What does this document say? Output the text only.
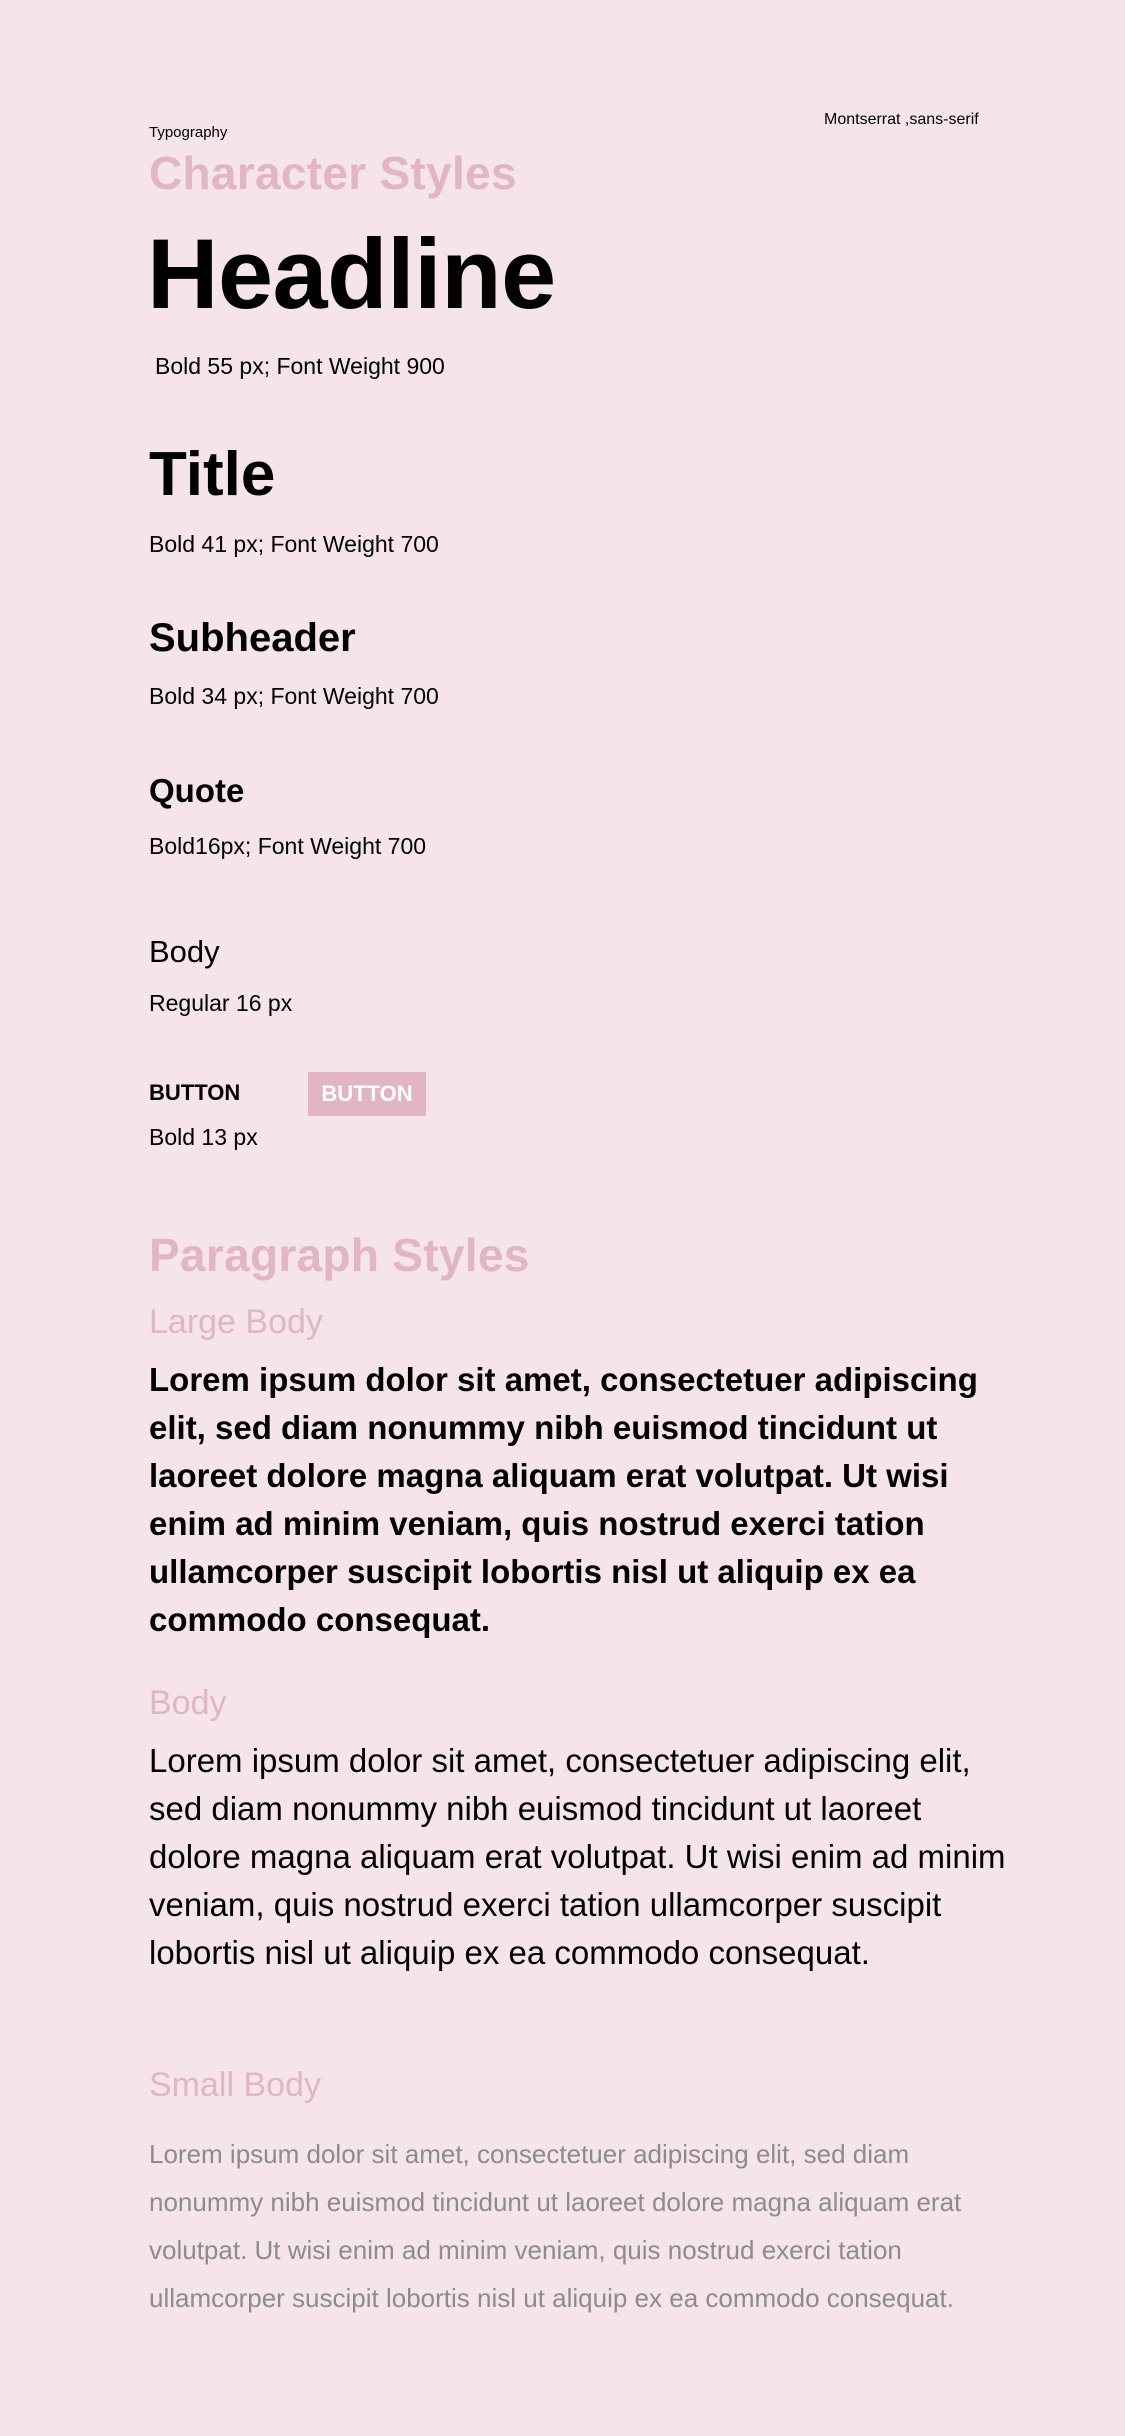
Typography
Montserrat ,sans-serif
Character Styles
Headline
Bold 55 px; Font Weight 900
Title
Bold 41 px; Font Weight 700
Subheader
Bold 34 px; Font Weight 700
Quote
Bold16px; Font Weight 700
Body
Regular 16 px
BUTTON	BUTTON
Bold 13 px
Paragraph Styles
Large Body

Lorem ipsum dolor sit amet, consectetuer adipiscing elit, sed diam nonummy nibh euismod tincidunt ut laoreet dolore magna aliquam erat volutpat. Ut wisi enim ad minim veniam, quis nostrud exerci tation ullamcorper suscipit lobortis nisl ut aliquip ex ea commodo consequat.

Body

Lorem ipsum dolor sit amet, consectetuer adipiscing elit, sed diam nonummy nibh euismod tincidunt ut laoreet dolore magna aliquam erat volutpat. Ut wisi enim ad minim veniam, quis nostrud exerci tation ullamcorper suscipit lobortis nisl ut aliquip ex ea commodo consequat.

Small Body

Lorem ipsum dolor sit amet, consectetuer adipiscing elit, sed diam nonummy nibh euismod tincidunt ut laoreet dolore magna aliquam erat volutpat. Ut wisi enim ad minim veniam, quis nostrud exerci tation ullamcorper suscipit lobortis nisl ut aliquip ex ea commodo consequat.
